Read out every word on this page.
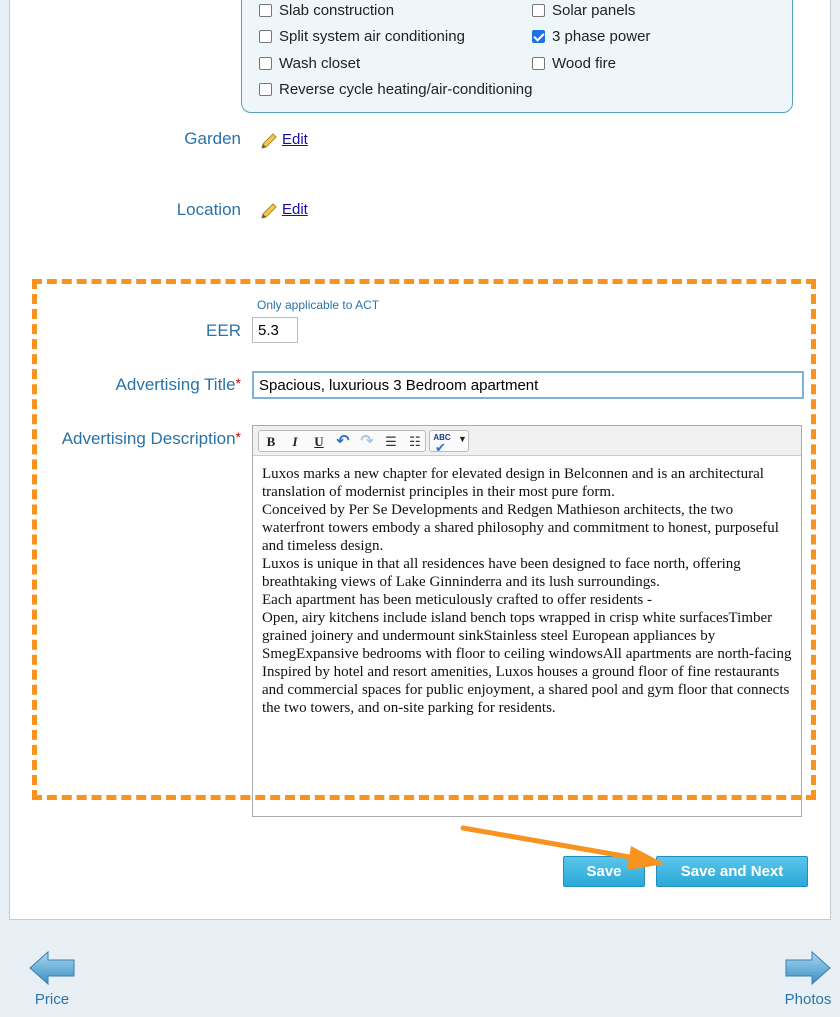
Slab construction	Solar panels
Split system air conditioning	3 phase power
Wash closet	Wood fire
Reverse cycle heating/air-conditioning
Garden	Edit
Location	Edit
Only applicable to ACT
EER
5.3
Advertising Title*
Spacious, luxurious 3 Bedroom apartment
Advertising Description*	B	I	U ↶ ↷ ☰ ☷	ABC
✔
▼

Luxos marks a new chapter for elevated design in Belconnen and is an architectural translation of modernist principles in their most pure form.

Conceived by Per Se Developments and Redgen Mathieson architects, the two waterfront towers embody a shared philosophy and commitment to honest, purposeful and timeless design.

Luxos is unique in that all residences have been designed to face north, offering breathtaking views of Lake Ginninderra and its lush surroundings.

Each apartment has been meticulously crafted to offer residents -

Open, airy kitchens include island bench tops wrapped in crisp white surfacesTimber grained joinery and undermount sinkStainless steel European appliances by SmegExpansive bedrooms with floor to ceiling windowsAll apartments are north-facing

Inspired by hotel and resort amenities, Luxos houses a ground floor of fine restaurants and commercial spaces for public enjoyment, a shared pool and gym floor that connects the two towers, and on-site parking for residents.

Save	Save and Next
Price	Photos
